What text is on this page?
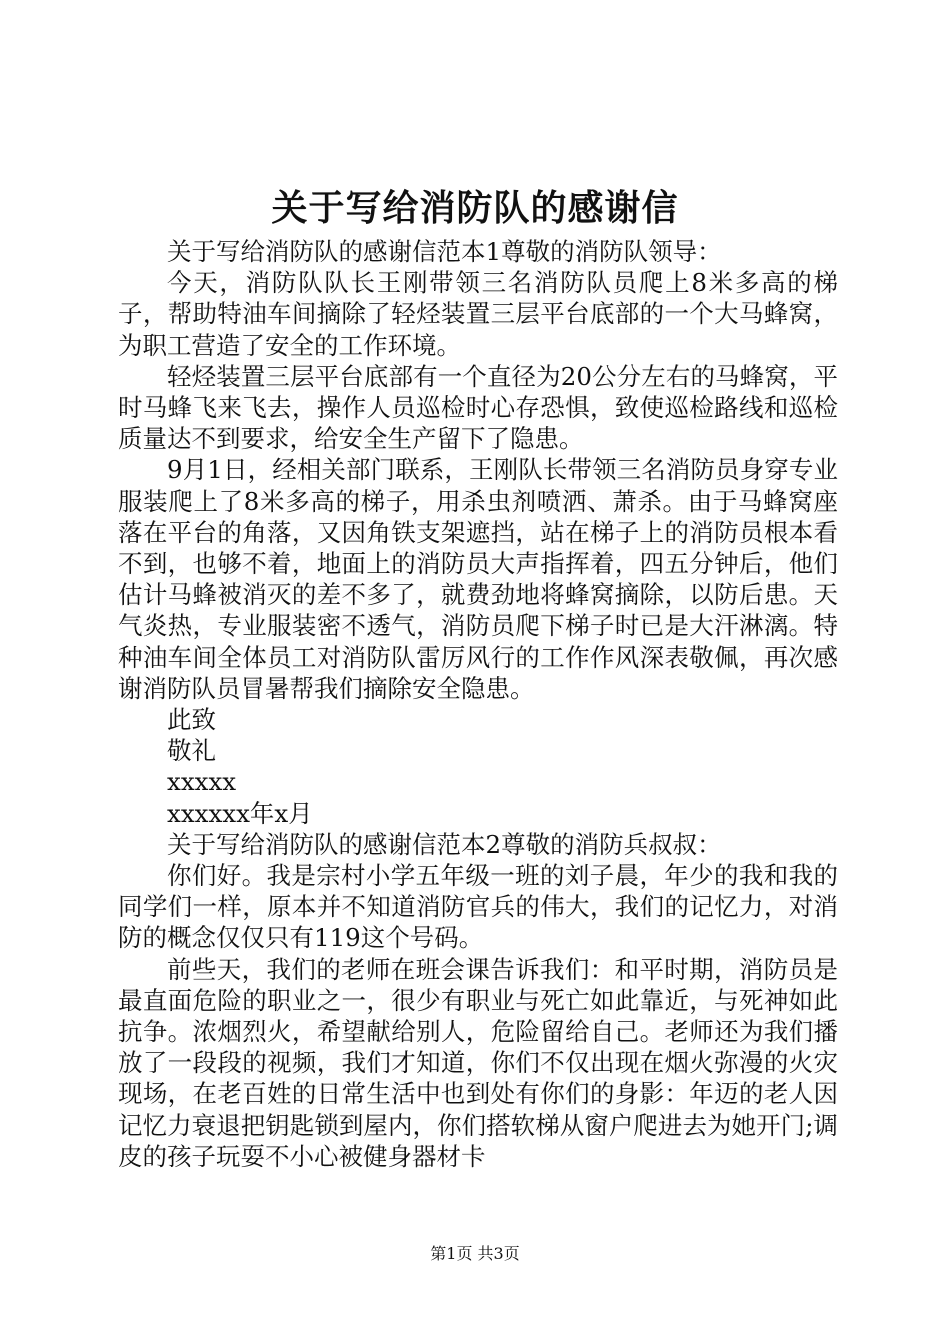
关于写给消防队的感谢信

关于写给消防队的感谢信范本1尊敬的消防队领导：

今天，消防队队长王刚带领三名消防队员爬上8米多高的梯子，帮助特油车间摘除了轻烃装置三层平台底部的一个大马蜂窝，为职工营造了安全的工作环境。

轻烃装置三层平台底部有一个直径为20公分左右的马蜂窝，平时马蜂飞来飞去，操作人员巡检时心存恐惧，致使巡检路线和巡检质量达不到要求，给安全生产留下了隐患。

9月1日，经相关部门联系，王刚队长带领三名消防员身穿专业服装爬上了8米多高的梯子，用杀虫剂喷洒、萧杀。由于马蜂窝座落在平台的角落，又因角铁支架遮挡，站在梯子上的消防员根本看不到，也够不着，地面上的消防员大声指挥着，四五分钟后，他们估计马蜂被消灭的差不多了，就费劲地将蜂窝摘除，以防后患。天气炎热，专业服装密不透气，消防员爬下梯子时已是大汗淋漓。特种油车间全体员工对消防队雷厉风行的工作作风深表敬佩，再次感谢消防队员冒暑帮我们摘除安全隐患。

此致

敬礼

xxxxx

xxxxxx年x月

关于写给消防队的感谢信范本2尊敬的消防兵叔叔：

你们好。我是宗村小学五年级一班的刘子晨，年少的我和我的同学们一样，原本并不知道消防官兵的伟大，我们的记忆力，对消防的概念仅仅只有119这个号码。

前些天，我们的老师在班会课告诉我们：和平时期，消防员是最直面危险的职业之一，很少有职业与死亡如此靠近，与死神如此抗争。浓烟烈火，希望献给别人，危险留给自己。老师还为我们播放了一段段的视频，我们才知道，你们不仅出现在烟火弥漫的火灾现场，在老百姓的日常生活中也到处有你们的身影：年迈的老人因记忆力衰退把钥匙锁到屋内，你们搭软梯从窗户爬进去为她开门;调皮的孩子玩耍不小心被健身器材卡

第1页 共3页
